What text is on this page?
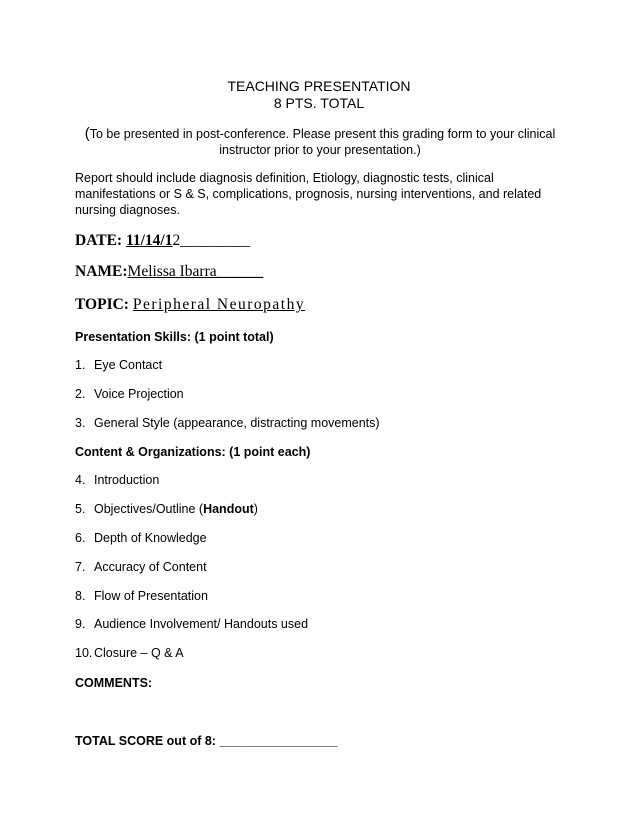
TEACHING PRESENTATION
8 PTS. TOTAL
(To be presented in post-conference. Please present this grading form to your clinical
instructor prior to your presentation.)
Report should include diagnosis definition, Etiology, diagnostic tests, clinical manifestations or S & S, complications, prognosis, nursing interventions, and related nursing diagnoses.
DATE: 11/14/12_________
NAME:Melissa Ibarra______
TOPIC: Peripheral Neuropathy
Presentation Skills: (1 point total)
1. Eye Contact
2. Voice Projection
3. General Style (appearance, distracting movements)
Content & Organizations: (1 point each)
4. Introduction
5. Objectives/Outline (Handout)
6. Depth of Knowledge
7. Accuracy of Content
8. Flow of Presentation
9. Audience Involvement/ Handouts used
10. Closure – Q & A
COMMENTS:
TOTAL SCORE out of 8: _________________
